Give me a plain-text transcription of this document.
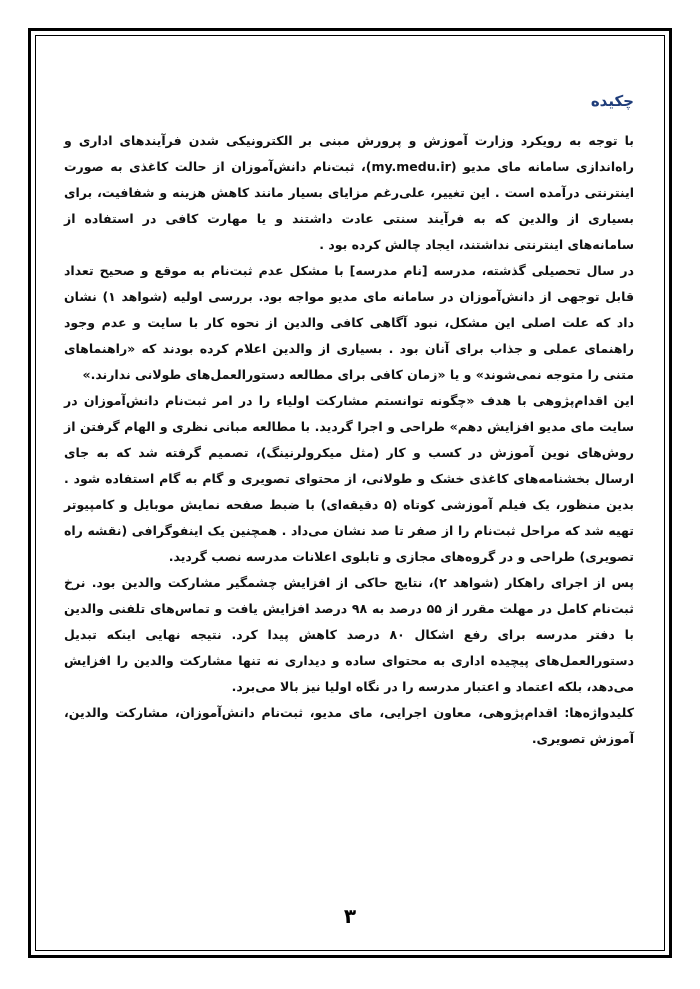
چکیده

با توجه به رویکرد وزارت آموزش و پرورش مبنی بر الکترونیکی شدن فرآیندهای اداری و راه‌اندازی سامانه مای مدیو (my.medu.ir)، ثبت‌نام دانش‌آموزان از حالت کاغذی به صورت اینترنتی درآمده است . این تغییر، علی‌رغم مزایای بسیار مانند کاهش هزینه و شفافیت، برای بسیاری از والدین که به فرآیند سنتی عادت داشتند و یا مهارت کافی در استفاده از سامانه‌های اینترنتی نداشتند، ایجاد چالش کرده بود .

در سال تحصیلی گذشته، مدرسه [نام مدرسه] با مشکل عدم ثبت‌نام به موقع و صحیح تعداد قابل توجهی از دانش‌آموزان در سامانه مای مدیو مواجه بود. بررسی اولیه (شواهد ۱) نشان داد که علت اصلی این مشکل، نبود آگاهی کافی والدین از نحوه کار با سایت و عدم وجود راهنمای عملی و جذاب برای آنان بود . بسیاری از والدین اعلام کرده بودند که «راهنماهای متنی را متوجه نمی‌شوند» و یا «زمان کافی برای مطالعه دستورالعمل‌های طولانی ندارند.»

این اقدام‌پژوهی با هدف «چگونه توانستم مشارکت اولیاء را در امر ثبت‌نام دانش‌آموزان در سایت مای مدیو افزایش دهم» طراحی و اجرا گردید. با مطالعه مبانی نظری و الهام گرفتن از روش‌های نوین آموزش در کسب و کار (مثل میکرولرنینگ)، تصمیم گرفته شد که به جای ارسال بخشنامه‌های کاغذی خشک و طولانی، از محتوای تصویری و گام به گام استفاده شود . بدین منظور، یک فیلم آموزشی کوتاه (۵ دقیقه‌ای) با ضبط صفحه نمایش موبایل و کامپیوتر تهیه شد که مراحل ثبت‌نام را از صفر تا صد نشان می‌داد . همچنین یک اینفوگرافی (نقشه راه تصویری) طراحی و در گروه‌های مجازی و تابلوی اعلانات مدرسه نصب گردید.

پس از اجرای راهکار (شواهد ۲)، نتایج حاکی از افزایش چشمگیر مشارکت والدین بود. نرخ ثبت‌نام کامل در مهلت مقرر از ۵۵ درصد به ۹۸ درصد افزایش یافت و تماس‌های تلفنی والدین با دفتر مدرسه برای رفع اشکال ۸۰ درصد کاهش پیدا کرد. نتیجه نهایی اینکه تبدیل دستورالعمل‌های پیچیده اداری به محتوای ساده و دیداری نه تنها مشارکت والدین را افزایش می‌دهد، بلکه اعتماد و اعتبار مدرسه را در نگاه اولیا نیز بالا می‌برد.

کلیدواژه‌ها: اقدام‌پژوهی، معاون اجرایی، مای مدیو، ثبت‌نام دانش‌آموزان، مشارکت والدین، آموزش تصویری.

۳
